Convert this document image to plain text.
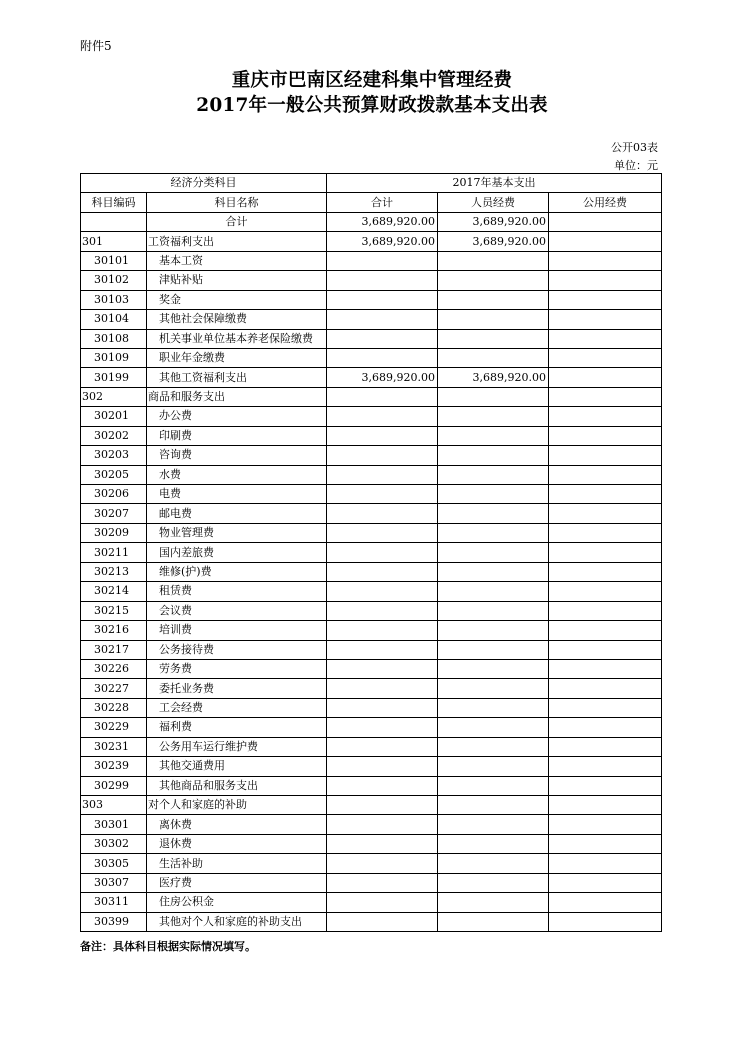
附件5
重庆市巴南区经建科集中管理经费
2017年一般公共预算财政拨款基本支出表
公开03表
单位：元
经济分类科目		2017年基本支出		
科目编码	科目名称	合计	人员经费	公用经费
	合计	3,689,920.00	3,689,920.00	
301	工资福利支出	3,689,920.00	3,689,920.00	
30101	基本工资			
30102	津贴补贴			
30103	奖金			
30104	其他社会保障缴费			
30108	机关事业单位基本养老保险缴费			
30109	职业年金缴费			
30199	其他工资福利支出	3,689,920.00	3,689,920.00	
302	商品和服务支出			
30201	办公费			
30202	印刷费			
30203	咨询费			
30205	水费			
30206	电费			
30207	邮电费			
30209	物业管理费			
30211	国内差旅费			
30213	维修(护)费			
30214	租赁费			
30215	会议费			
30216	培训费			
30217	公务接待费			
30226	劳务费			
30227	委托业务费			
30228	工会经费			
30229	福利费			
30231	公务用车运行维护费			
30239	其他交通费用			
30299	其他商品和服务支出			
303	对个人和家庭的补助			
30301	离休费			
30302	退休费			
30305	生活补助			
30307	医疗费			
30311	住房公积金			
30399	其他对个人和家庭的补助支出			
备注：具体科目根据实际情况填写。
